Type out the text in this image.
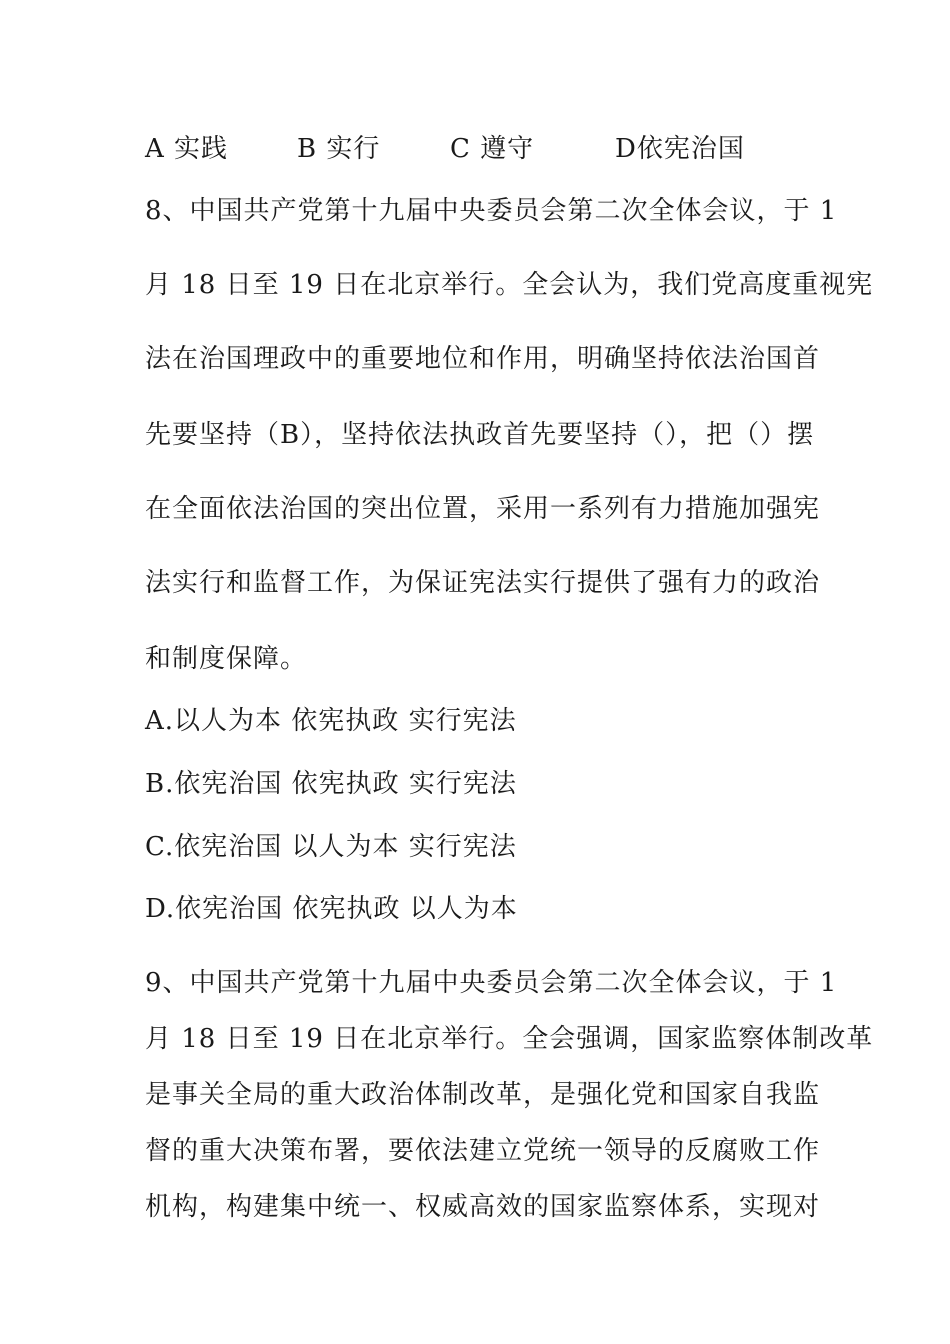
A 实践	B 实行	C 遵守	D依宪治国
8、中国共产党第十九届中央委员会第二次全体会议，于 1
月 18 日至 19 日在北京举行。全会认为，我们党高度重视宪
法在治国理政中的重要地位和作用，明确坚持依法治国首
先要坚持（B），坚持依法执政首先要坚持（），把（）摆
在全面依法治国的突出位置，采用一系列有力措施加强宪
法实行和监督工作，为保证宪法实行提供了强有力的政治
和制度保障。
A.以人为本 依宪执政 实行宪法
B.依宪治国 依宪执政 实行宪法
C.依宪治国 以人为本 实行宪法
D.依宪治国 依宪执政 以人为本
9、中国共产党第十九届中央委员会第二次全体会议，于 1
月 18 日至 19 日在北京举行。全会强调，国家监察体制改革
是事关全局的重大政治体制改革，是强化党和国家自我监
督的重大决策布署，要依法建立党统一领导的反腐败工作
机构，构建集中统一、权威高效的国家监察体系，实现对
